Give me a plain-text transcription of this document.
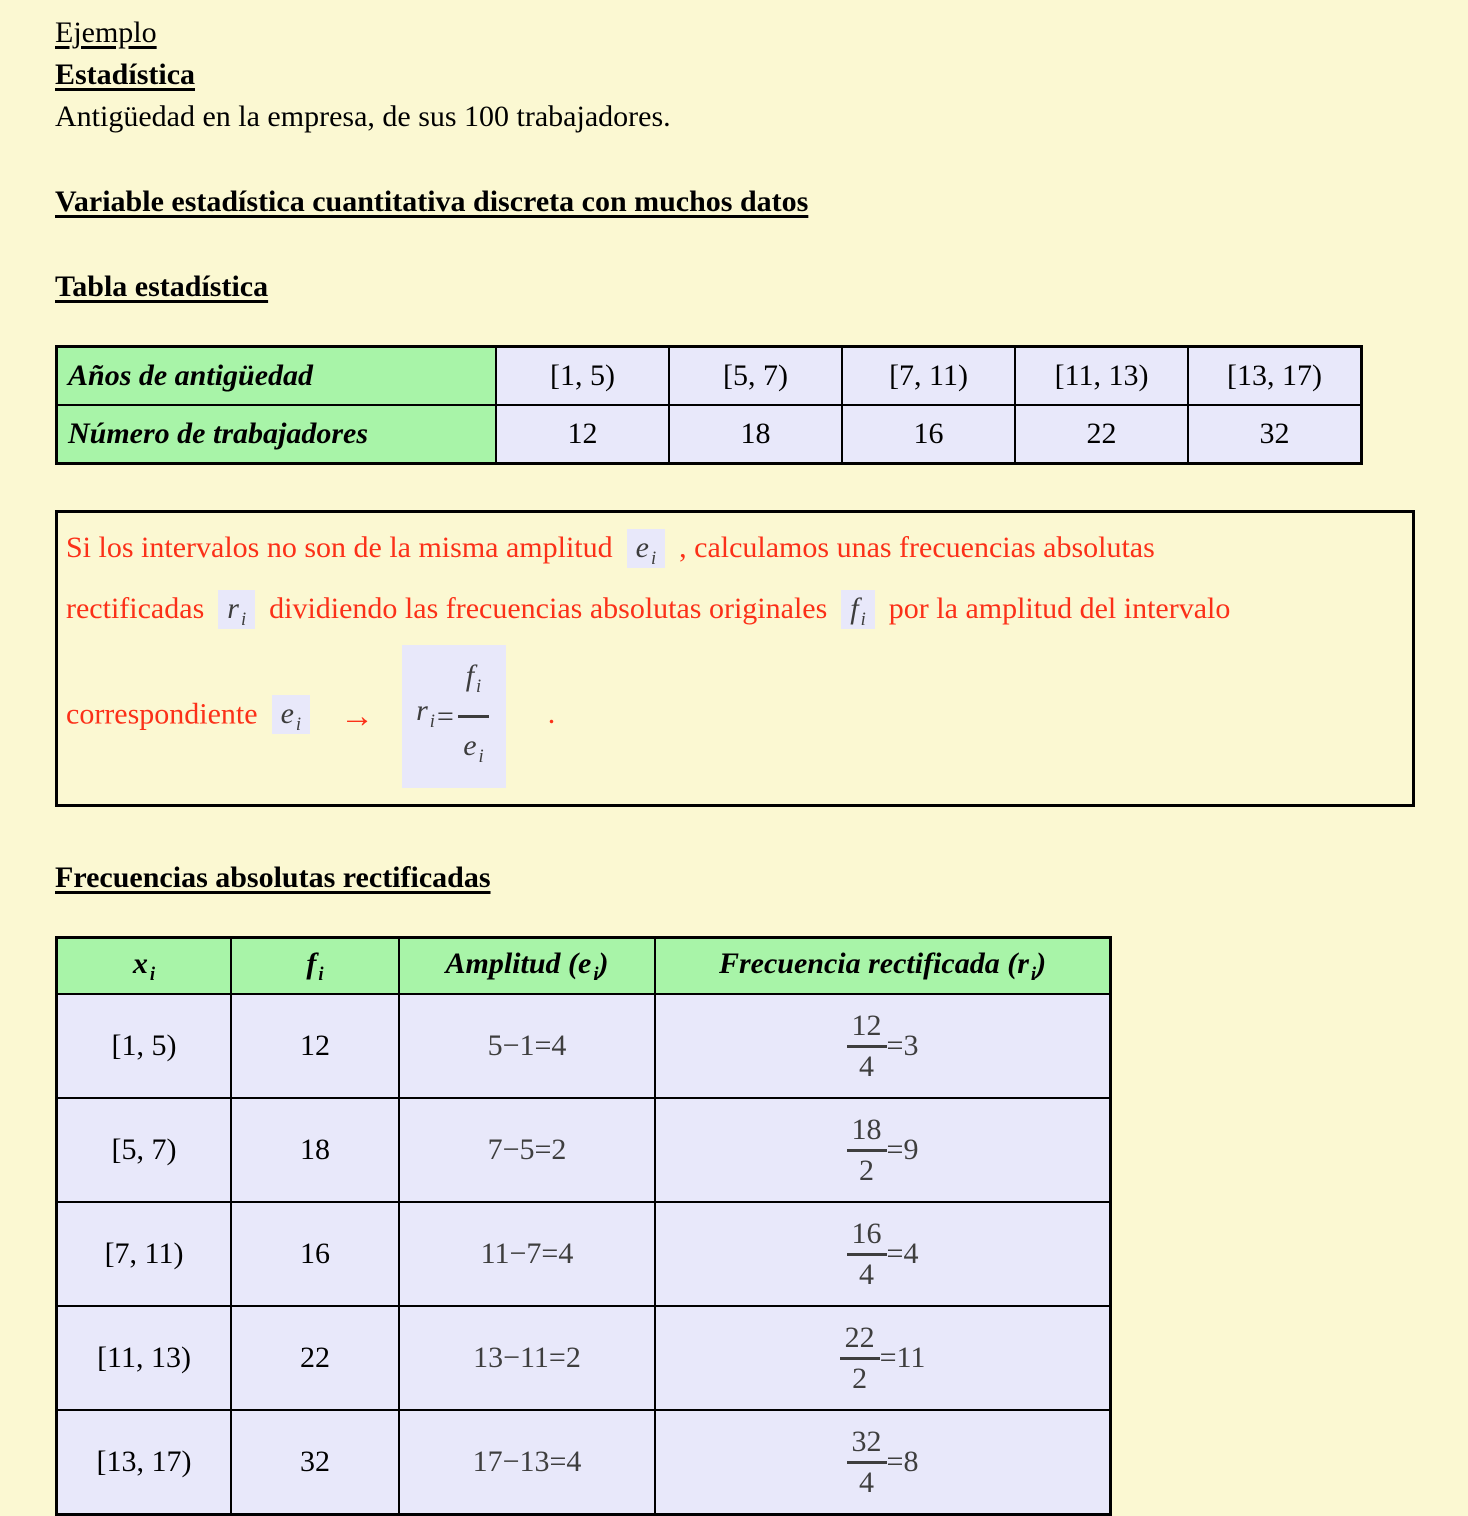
Ejemplo
Estadística
Antigüedad en la empresa, de sus 100 trabajadores.
Variable estadística cuantitativa discreta con muchos datos
Tabla estadística
Años de antigüedad	[1, 5)	[5, 7)	[7, 11)	[11, 13)	[13, 17)
Número de trabajadores	12	18	16	22	32

Si los intervalos no son de la misma amplitud e $_i$ , calculamos unas frecuencias absolutas rectificadas r $_i$ dividiendo las frecuencias absolutas originales f $_i$ por la amplitud del intervalo correspondiente e $_i$ → r $_i = \frac{f _i}{e _i}$ .

Frecuencias absolutas rectificadas
x $_i$	f $_i$	Amplitud (e $_i$)	Frecuencia rectificada (r $_i$)
[1, 5)	12	5−1=4	$\frac{12}{4} =3$

[5, 7)	18	7−5=2	$\frac{18}{2} =9$

[7, 11)	16	11−7=4	$\frac{16}{4} =4$

[11, 13)	22	13−11=2	$\frac{22}{2} =11$

[13, 17)	32	17−13=4	$\frac{32}{4} =8$
